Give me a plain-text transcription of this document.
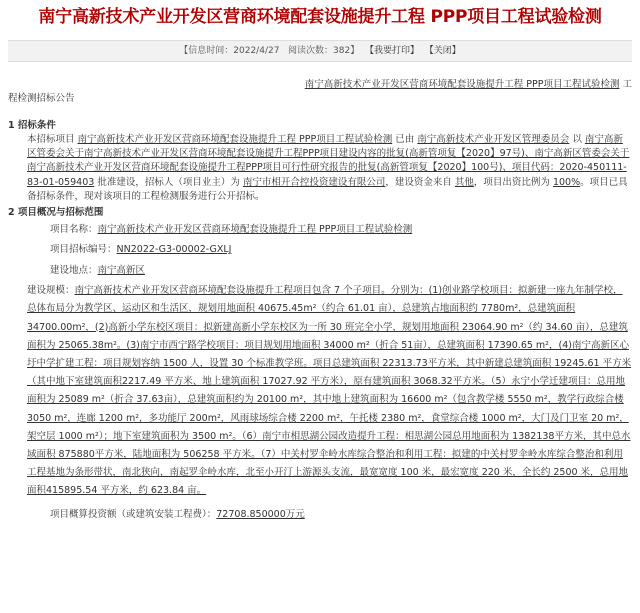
南宁高新技术产业开发区营商环境配套设施提升工程 PPP项目工程试验检测
【信息时间：2022/4/27 阅读次数：382】  【我要打印】 【关闭】
南宁高新技术产业开发区营商环境配套设施提升工程 PPP项目工程试验检测 工
程检测招标公告
1 招标条件

本招标项目 南宁高新技术产业开发区营商环境配套设施提升工程 PPP项目工程试验检测 已由 南宁高新技术产业开发区管理委员会 以 南宁高新区管委会关于南宁高新技术产业开发区营商环境配套设施提升工程PPP项目建设内容的批复(高新管项复【2020】97号)、南宁高新区管委会关于南宁高新技术产业开发区营商环境配套设施提升工程PPP项目可行性研究报告的批复(高新管项复【2020】100号)、项目代码：2020-450111-83-01-059403 批准建设，招标人（项目业主）为 南宁市相开合控投资建设有限公司，建设资金来自 其他，项目出资比例为 100%。项目已具备招标条件，现对该项目的工程检测服务进行公开招标。

2 项目概况与招标范围
项目名称：南宁高新技术产业开发区营商环境配套设施提升工程 PPP项目工程试验检测
项目招标编号：NN2022-G3-00002-GXLJ
建设地点：南宁高新区

建设规模：南宁高新技术产业开发区营商环境配套设施提升工程项目包含 7 个子项目。分别为：(1)创业路学校项目：拟新建一座九年制学校，总体布局分为教学区、运动区和生活区，规划用地面积 40675.45m²（约合 61.01 亩），总建筑占地面积约 7780m²，总建筑面积 34700.00m²，(2)高新小学东校区项目：拟新建高新小学东校区为一所 30 班完全小学，规划用地面积 23064.90 m²（约 34.60 亩），总建筑面积为 25065.38m²。(3)南宁市西宁路学校项目：项目规划用地面积 34000 m²（折合 51亩），总建筑面积 17390.65 m²，(4)南宁高新区心圩中学扩建工程：项目规划容纳 1500 人，设置 30 个标准教学班。项目总建筑面积 22313.73平方米，其中新建总建筑面积 19245.61 平方米（其中地下室建筑面积2217.49 平方米、地上建筑面积 17027.92 平方米），原有建筑面积 3068.32平方米。（5）永宁小学迁建项目：总用地面积为 25089 m²（折合 37.63亩），总建筑面积约为 20100 m²，其中地上建筑面积为 16600 m²（包含教学楼 5550 m²，教学行政综合楼 3050 m²，连廊 1200 m²，多功能厅 200m²，风雨球场综合楼 2200 m²，午托楼 2380 m²，食堂综合楼 1000 m²，大门及门卫室 20 m²，架空层 1000 m²）；地下室建筑面积为 3500 m²。（6）南宁市相思湖公园改造提升工程：相思湖公园总用地面积为 1382138平方米，其中总水域面积 875880平方米，陆地面积为 506258 平方米。（7）中关村罗伞岭水库综合整治和利用工程：拟建的中关村罗伞岭水库综合整治和利用工程基地为条形带状，南北狭向，南起罗伞岭水库，北至小开汀上游源头支流，最宽宽度 100 米，最宏宽度 220 米，全长约 2500 米，总用地面积415895.54 平方米，约 623.84 亩。

项目概算投资额（或建筑安装工程费）：72708.850000万元
